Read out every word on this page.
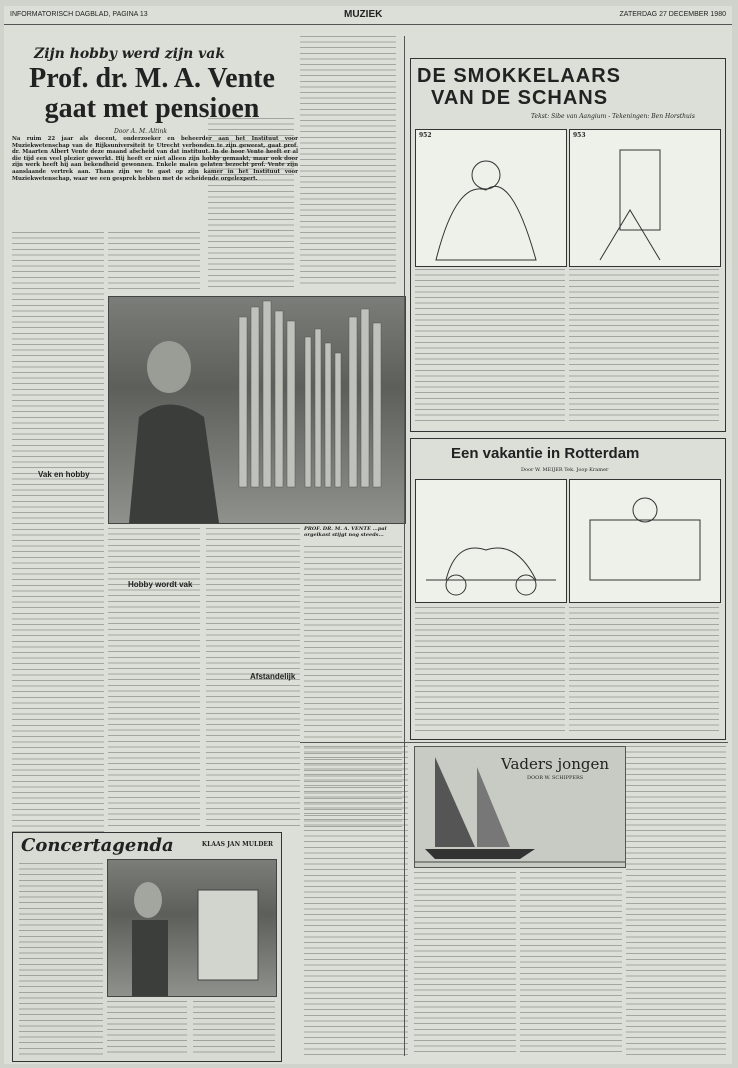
INFORMATORISCH DAGBLAD, PAGINA 13	MUZIEK	ZATERDAG 27 DECEMBER 1980
Zijn hobby werd zijn vak
Prof. dr. M. A. Vente gaat met pensioen
Door A. M. Altink
Na ruim 22 jaar als docent, onderzoeker en beheerder aan het Instituut voor Muziekwetenschap van de Rijksuniversiteit te Utrecht verbonden te zijn geweest, gaat prof. dr. Maarten Albert Vente deze maand afscheid van dat instituut. In de hoor Vente heeft er al die tijd een veel plezier gewerkt. Hij heeft er niet alleen zijn hobby gemaakt, maar ook door zijn werk heeft hij aan bekendheid gewonnen. Enkele malen gelaten bezocht prof. Vente zijn aanslaande vertrek aan. Thans zijn we te gast op zijn kamer in het Instituut voor Muziekwetenschap, waar we een gesprek hebben met de scheidende orgelexpert.
Vak en hobby
PROF. DR. M. A. VENTE ...pal orgelkast stijgt nog steeds...
Hobby wordt vak
Afstandelijk
DE SMOKKELAARS
VAN DE SCHANS
Tekst: Sibe van Aangium - Tekeningen: Ben Horsthuis
952	953
Een vakantie in Rotterdam
Door W. MEIJER Tek. Joop Kramer
Vaders jongen
DOOR W. SCHIPPERS
Concertagenda	KLAAS JAN MULDER
